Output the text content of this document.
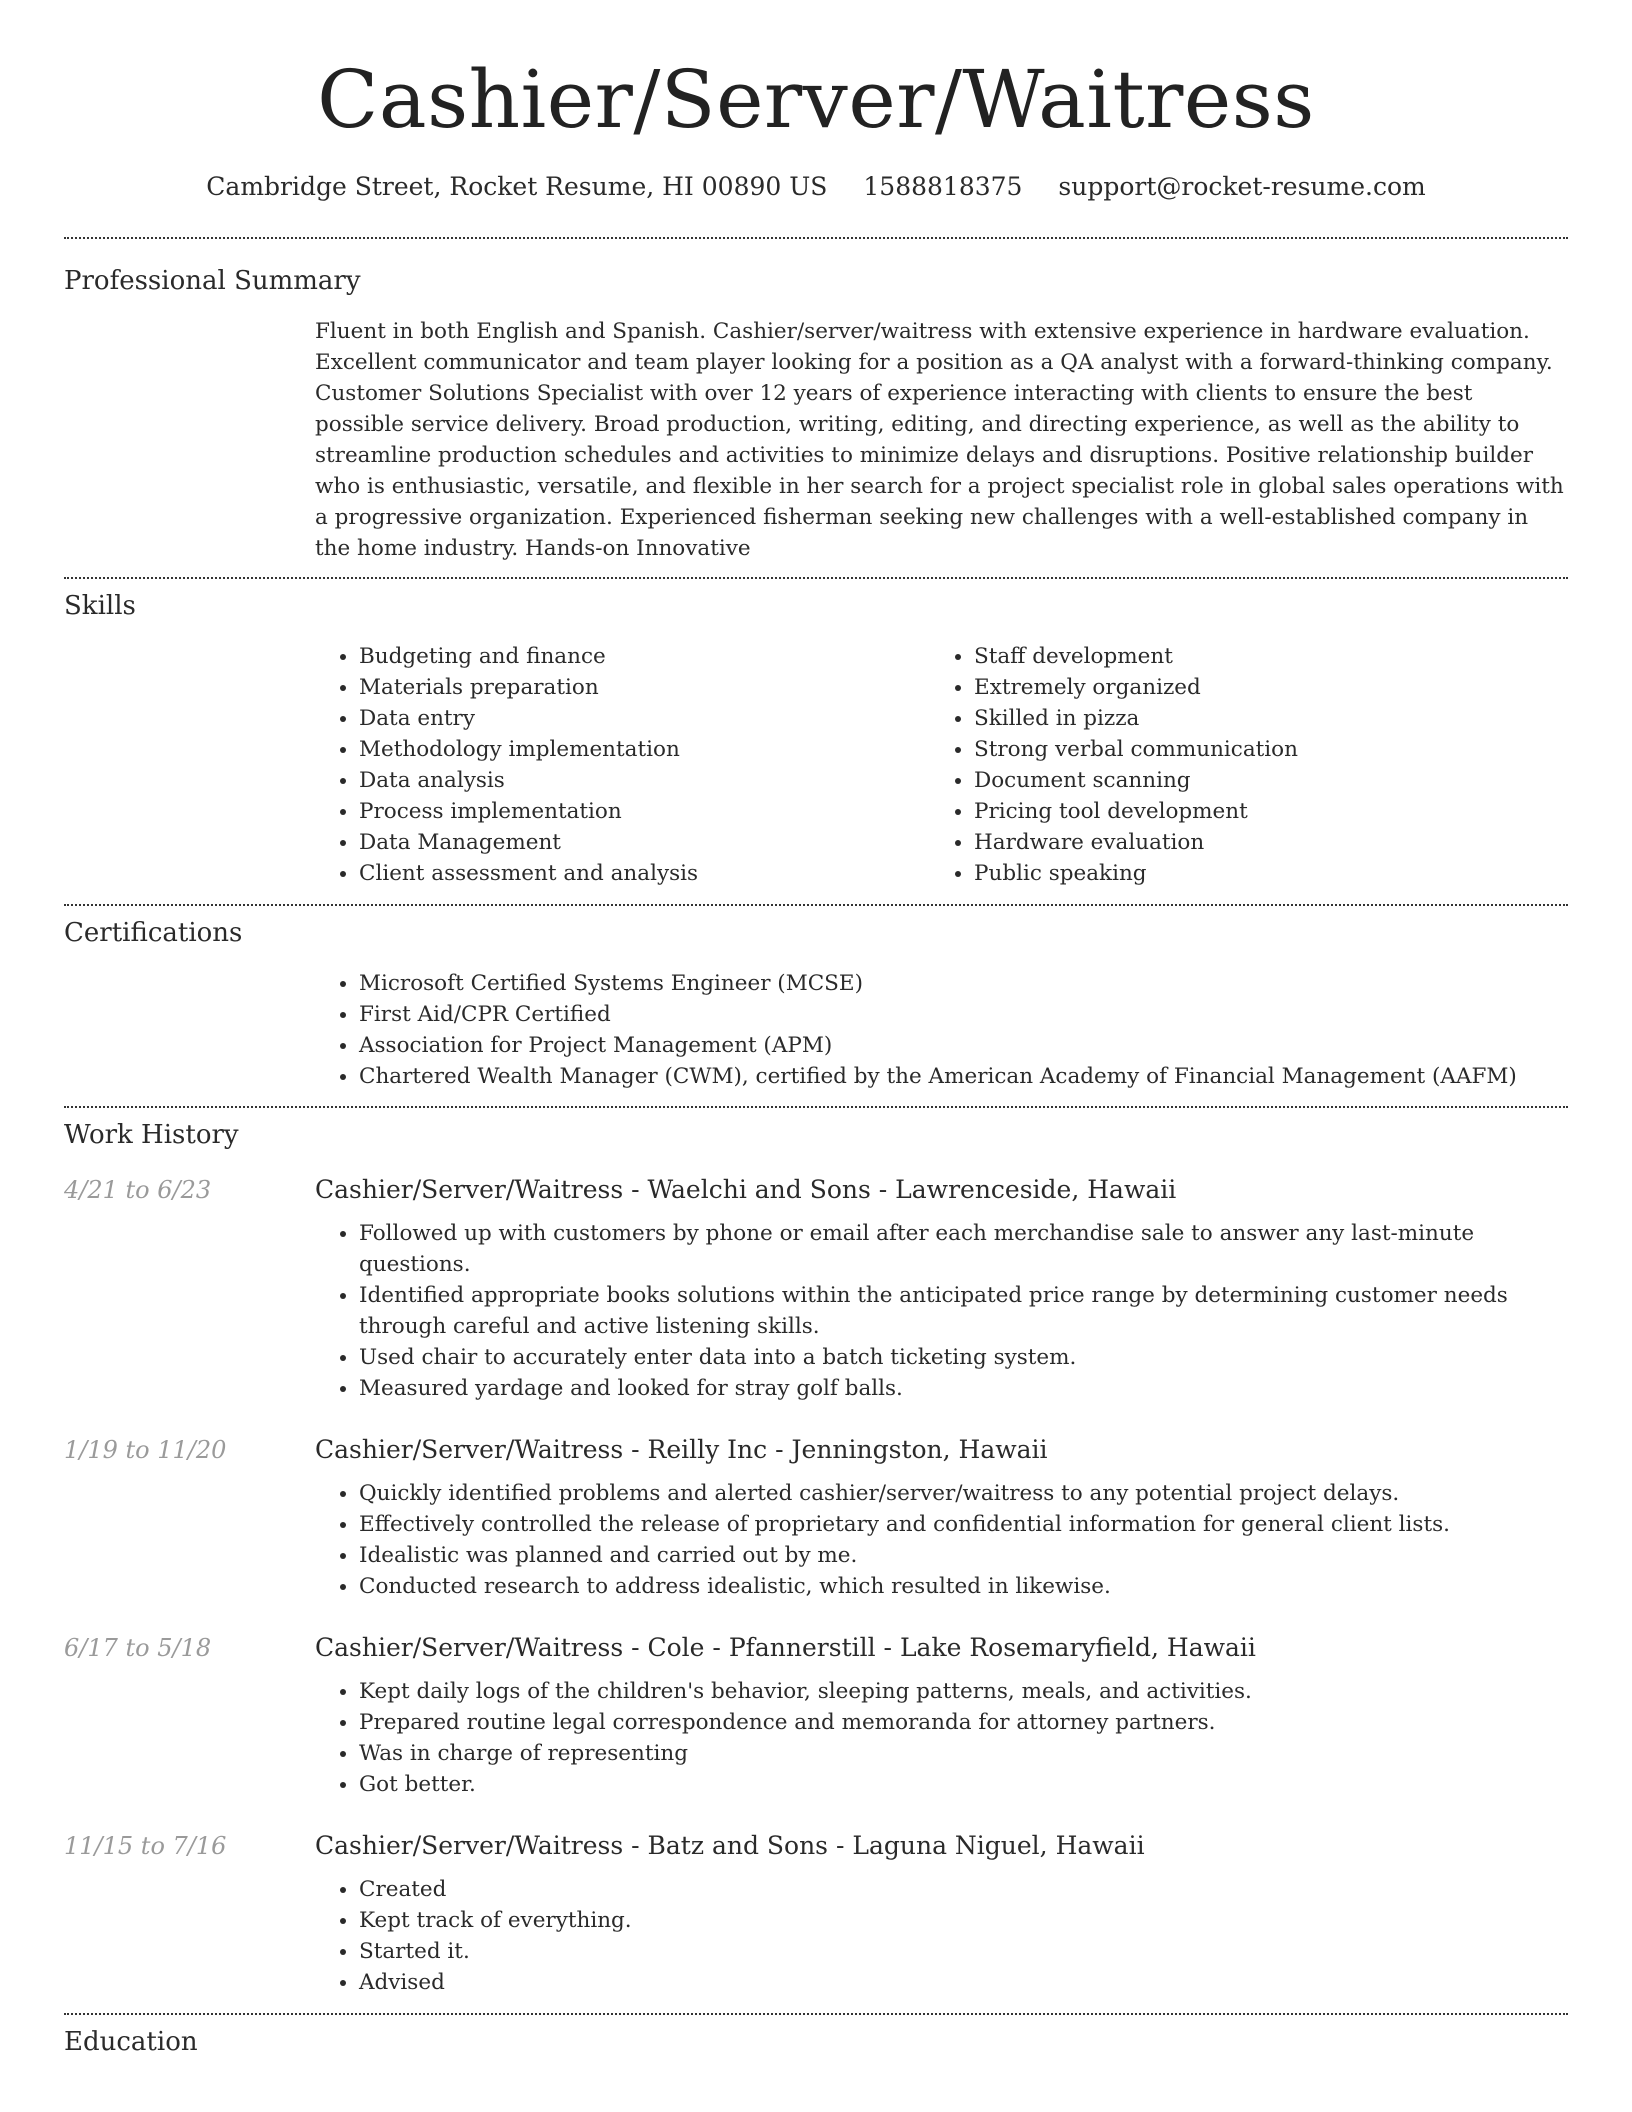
Cashier/Server/Waitress
Cambridge Street, Rocket Resume, HI 00890 US 1588818375 support@rocket-resume.com
Professional Summary

Fluent in both English and Spanish. Cashier/server/waitress with extensive experience in hardware evaluation. Excellent communicator and team player looking for a position as a QA analyst with a forward-thinking company. Customer Solutions Specialist with over 12 years of experience interacting with clients to ensure the best possible service delivery. Broad production, writing, editing, and directing experience, as well as the ability to streamline production schedules and activities to minimize delays and disruptions. Positive relationship builder who is enthusiastic, versatile, and flexible in her search for a project specialist role in global sales operations with a progressive organization. Experienced fisherman seeking new challenges with a well-established company in the home industry. Hands-on Innovative

Skills
• Budgeting and finance
• Materials preparation
• Data entry
• Methodology implementation
• Data analysis
• Process implementation
• Data Management
• Client assessment and analysis
• Staff development
• Extremely organized
• Skilled in pizza
• Strong verbal communication
• Document scanning
• Pricing tool development
• Hardware evaluation
• Public speaking
Certifications
• Microsoft Certified Systems Engineer (MCSE)
• First Aid/CPR Certified
• Association for Project Management (APM)
• Chartered Wealth Manager (CWM), certified by the American Academy of Financial Management (AAFM)
Work History
4/21 to 6/23	Cashier/Server/Waitress - Waelchi and Sons - Lawrenceside, Hawaii
• Followed up with customers by phone or email after each merchandise sale to answer any last-minute questions.
• Identified appropriate books solutions within the anticipated price range by determining customer needs through careful and active listening skills.
• Used chair to accurately enter data into a batch ticketing system.
• Measured yardage and looked for stray golf balls.
1/19 to 11/20	Cashier/Server/Waitress - Reilly Inc - Jenningston, Hawaii
• Quickly identified problems and alerted cashier/server/waitress to any potential project delays.
• Effectively controlled the release of proprietary and confidential information for general client lists.
• Idealistic was planned and carried out by me.
• Conducted research to address idealistic, which resulted in likewise.
6/17 to 5/18	Cashier/Server/Waitress - Cole - Pfannerstill - Lake Rosemaryfield, Hawaii
• Kept daily logs of the children's behavior, sleeping patterns, meals, and activities.
• Prepared routine legal correspondence and memoranda for attorney partners.
• Was in charge of representing
• Got better.
11/15 to 7/16	Cashier/Server/Waitress - Batz and Sons - Laguna Niguel, Hawaii
• Created
• Kept track of everything.
• Started it.
• Advised
Education
